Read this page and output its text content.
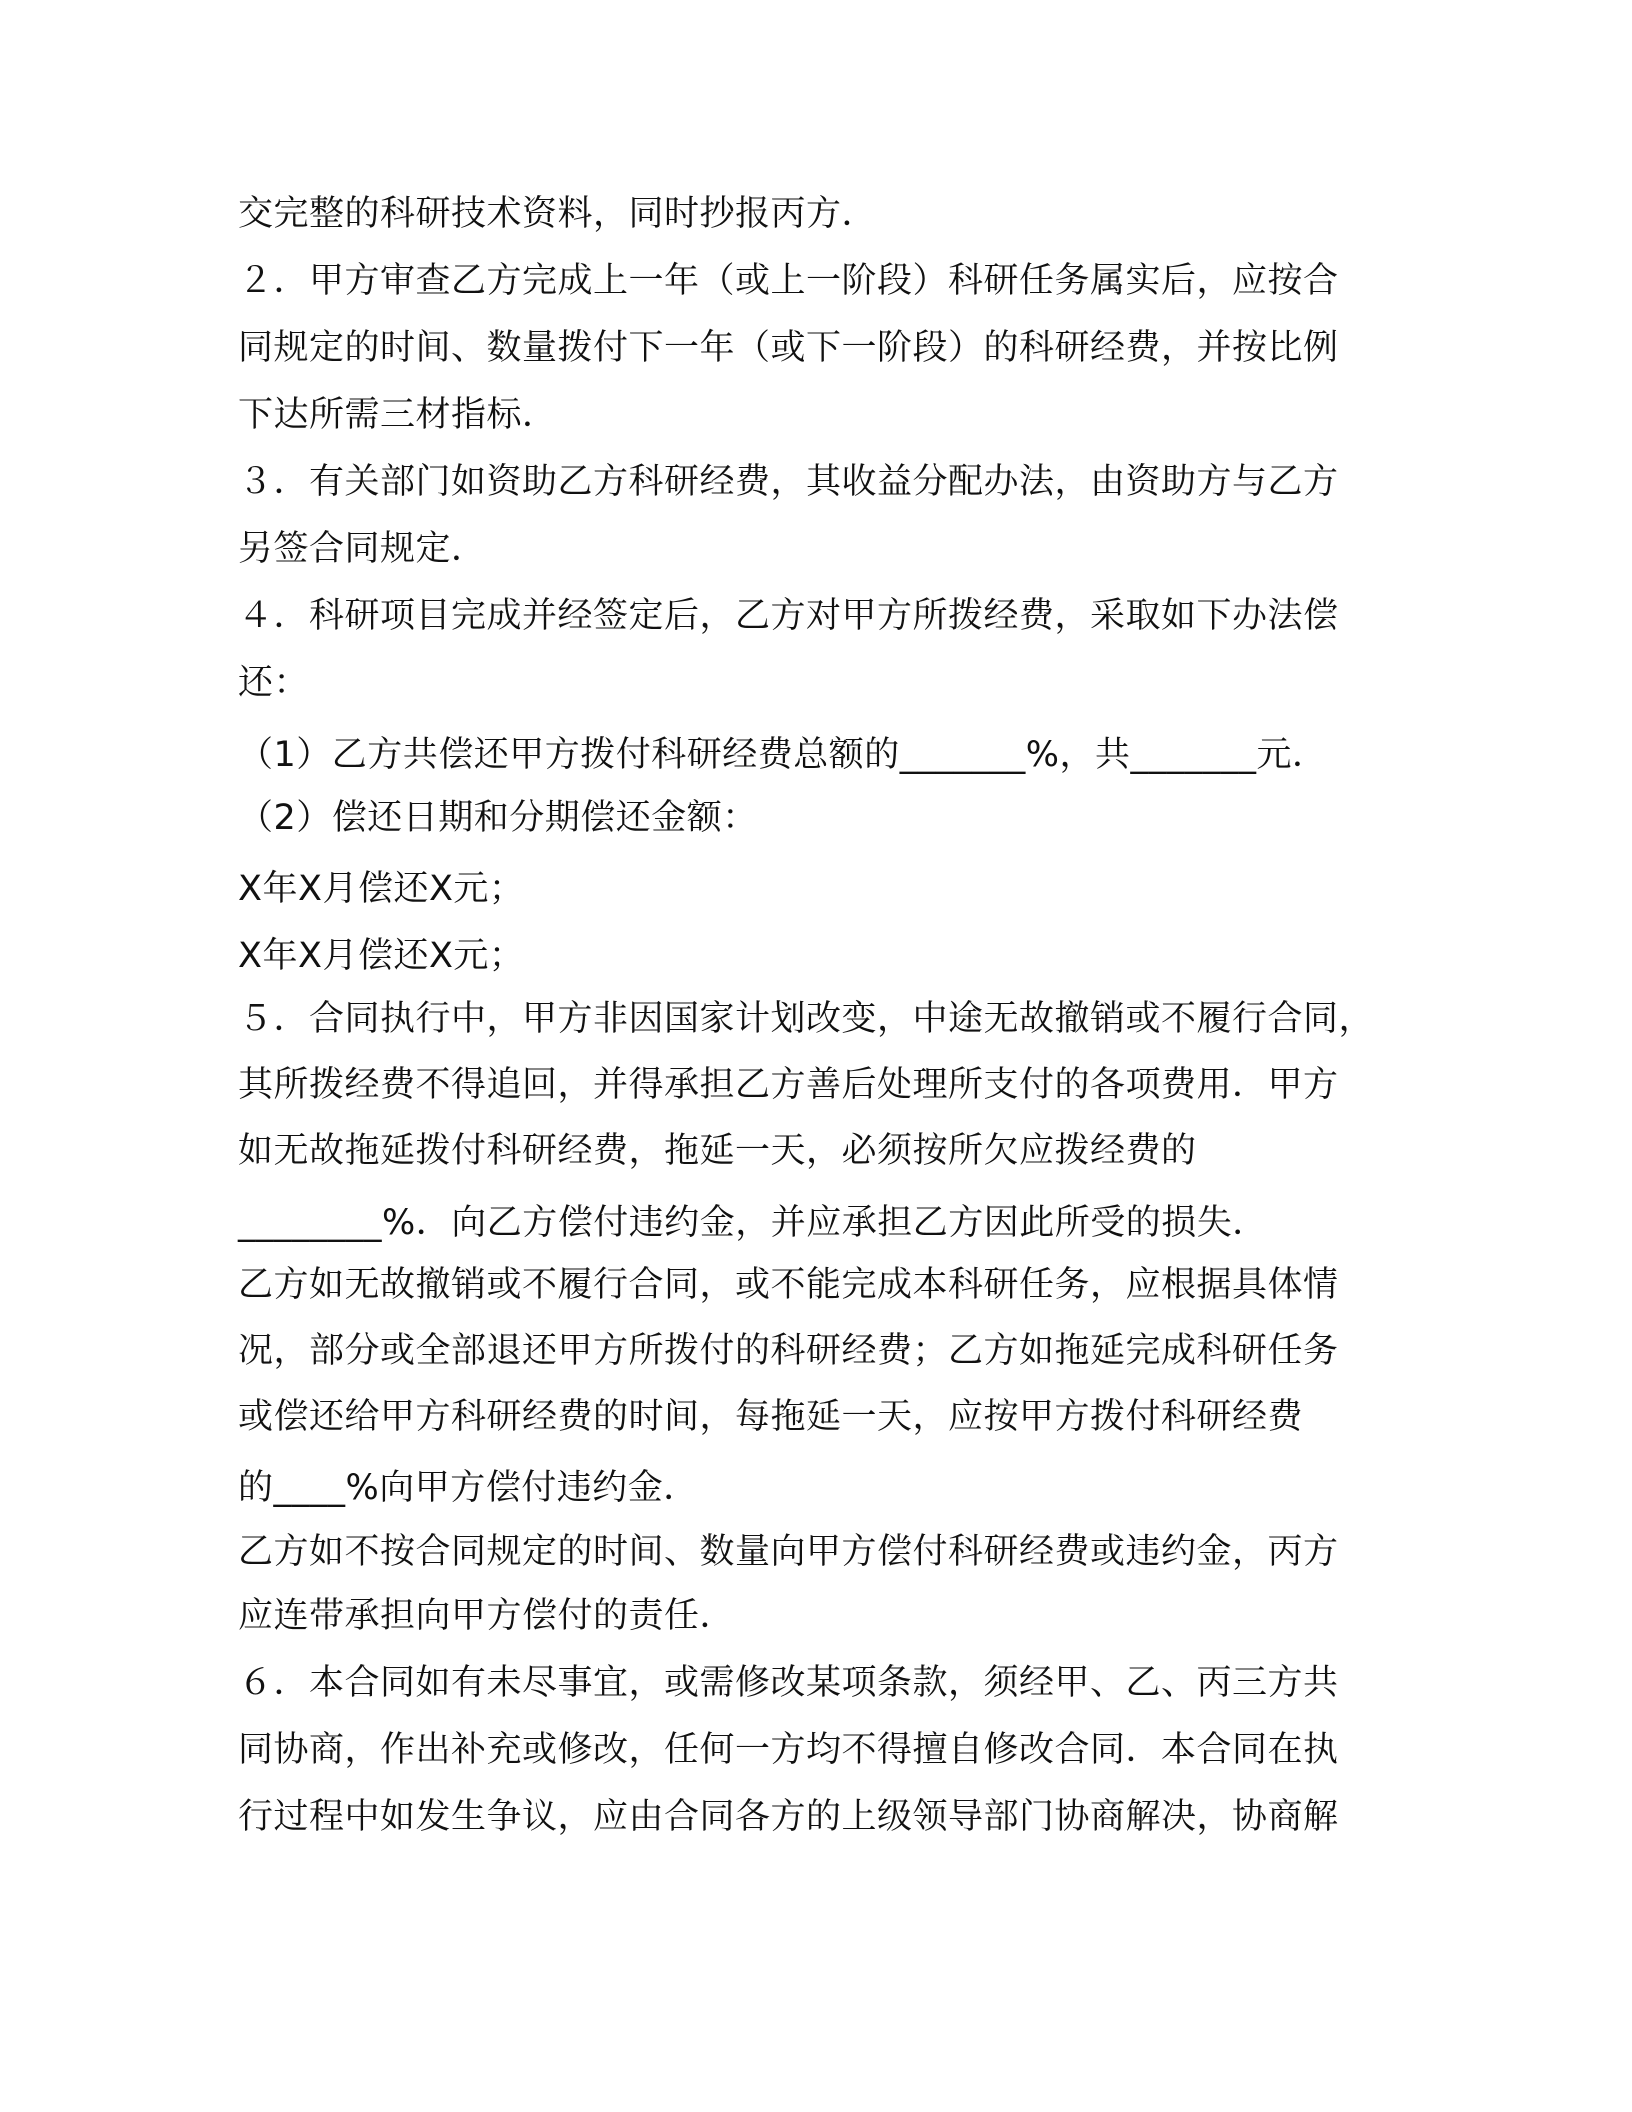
交完整的科研技术资料，同时抄报丙方．
２．甲方审查乙方完成上一年（或上一阶段）科研任务属实后，应按合
同规定的时间、数量拨付下一年（或下一阶段）的科研经费，并按比例
下达所需三材指标．
３．有关部门如资助乙方科研经费，其收益分配办法，由资助方与乙方
另签合同规定．
４．科研项目完成并经签定后，乙方对甲方所拨经费，采取如下办法偿
还：
（1）乙方共偿还甲方拨付科研经费总额的_______%，共_______元．
（2）偿还日期和分期偿还金额：
X年X月偿还X元；
X年X月偿还X元；
５．合同执行中，甲方非因国家计划改变，中途无故撤销或不履行合同，
其所拨经费不得追回，并得承担乙方善后处理所支付的各项费用．甲方
如无故拖延拨付科研经费，拖延一天，必须按所欠应拨经费的
________%．向乙方偿付违约金，并应承担乙方因此所受的损失．
乙方如无故撤销或不履行合同，或不能完成本科研任务，应根据具体情
况，部分或全部退还甲方所拨付的科研经费；乙方如拖延完成科研任务
或偿还给甲方科研经费的时间，每拖延一天，应按甲方拨付科研经费
的____%向甲方偿付违约金．
乙方如不按合同规定的时间、数量向甲方偿付科研经费或违约金，丙方
应连带承担向甲方偿付的责任．
６．本合同如有未尽事宜，或需修改某项条款，须经甲、乙、丙三方共
同协商，作出补充或修改，任何一方均不得擅自修改合同．本合同在执
行过程中如发生争议，应由合同各方的上级领导部门协商解决，协商解
